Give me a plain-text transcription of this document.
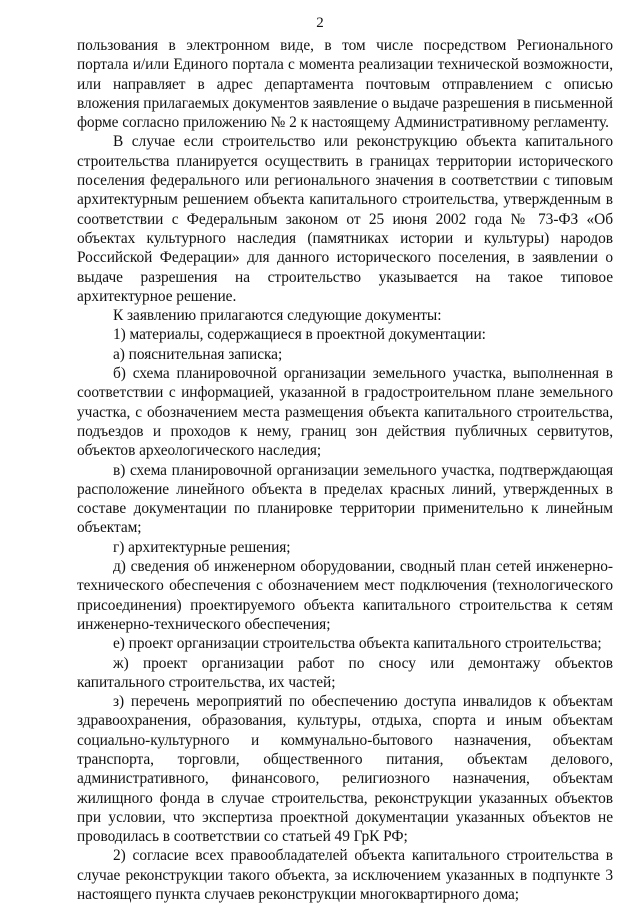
2

пользования в электронном виде, в том числе посредством Регионального портала и/или Единого портала с момента реализации технической возможности, или направляет в адрес департамента почтовым отправлением с описью вложения прилагаемых документов заявление о выдаче разрешения в письменной форме согласно приложению № 2 к настоящему Административному регламенту.

В случае если строительство или реконструкцию объекта капитального строительства планируется осуществить в границах территории исторического поселения федерального или регионального значения в соответствии с типовым архитектурным решением объекта капитального строительства, утвержденным в соответствии с Федеральным законом от 25 июня 2002 года № 73-ФЗ «Об объектах культурного наследия (памятниках истории и культуры) народов Российской Федерации» для данного исторического поселения, в заявлении о выдаче разрешения на строительство указывается на такое типовое архитектурное решение.

К заявлению прилагаются следующие документы:

1) материалы, содержащиеся в проектной документации:

а) пояснительная записка;

б) схема планировочной организации земельного участка, выполненная в соответствии с информацией, указанной в градостроительном плане земельного участка, с обозначением места размещения объекта капитального строительства, подъездов и проходов к нему, границ зон действия публичных сервитутов, объектов археологического наследия;

в) схема планировочной организации земельного участка, подтверждающая расположение линейного объекта в пределах красных линий, утвержденных в составе документации по планировке территории применительно к линейным объектам;

г) архитектурные решения;

д) сведения об инженерном оборудовании, сводный план сетей инженерно-технического обеспечения с обозначением мест подключения (технологического присоединения) проектируемого объекта капитального строительства к сетям инженерно-технического обеспечения;

е) проект организации строительства объекта капитального строительства;

ж) проект организации работ по сносу или демонтажу объектов капитального строительства, их частей;

з) перечень мероприятий по обеспечению доступа инвалидов к объектам здравоохранения, образования, культуры, отдыха, спорта и иным объектам социально-культурного и коммунально-бытового назначения, объектам транспорта, торговли, общественного питания, объектам делового, административного, финансового, религиозного назначения, объектам жилищного фонда в случае строительства, реконструкции указанных объектов при условии, что экспертиза проектной документации указанных объектов не проводилась в соответствии со статьей 49 ГрК РФ;

2) согласие всех правообладателей объекта капитального строительства в случае реконструкции такого объекта, за исключением указанных в подпункте 3 настоящего пункта случаев реконструкции многоквартирного дома;
